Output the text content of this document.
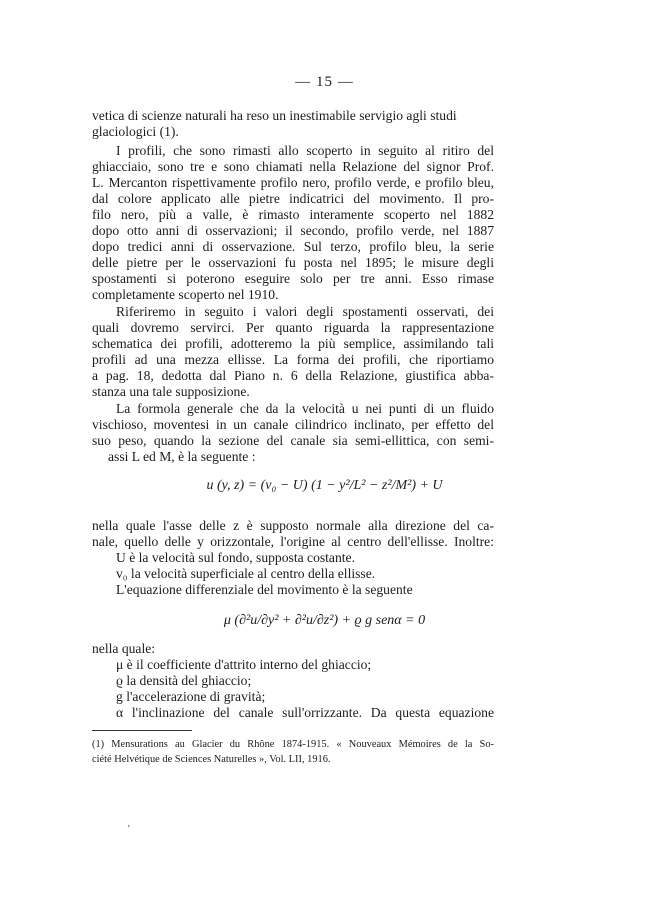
— 15 —
vetica di scienze naturali ha reso un inestimabile servigio agli studi
glaciologici (1).
I profili, che sono rimasti allo scoperto in seguito al ritiro del
ghiacciaio, sono tre e sono chiamati nella Relazione del signor Prof.
L. Mercanton rispettivamente profilo nero, profilo verde, e profilo bleu,
dal colore applicato alle pietre indicatrici del movimento. Il pro-
filo nero, più a valle, è rimasto interamente scoperto nel 1882
dopo otto anni di osservazioni; il secondo, profilo verde, nel 1887
dopo tredici anni di osservazione. Sul terzo, profilo bleu, la serie
delle pietre per le osservazioni fu posta nel 1895; le misure degli
spostamenti si poterono eseguire solo per tre anni. Esso rimase
completamente scoperto nel 1910.
Riferiremo in seguito i valori degli spostamenti osservati, dei
quali dovremo servirci. Per quanto riguarda la rappresentazione
schematica dei profili, adotteremo la più semplice, assimilando tali
profili ad una mezza ellisse. La forma dei profili, che riportiamo
a pag. 18, dedotta dal Piano n. 6 della Relazione, giustifica abba-
stanza una tale supposizione.
La formola generale che da la velocità u nei punti di un fluido
vischioso, moventesi in un canale cilindrico inclinato, per effetto del
suo peso, quando la sezione del canale sia semi-ellittica, con semi-
assi L ed M, è la seguente :
u (y, z) = (v₀ − U) (1 − y²/L² − z²/M²) + U
nella quale l'asse delle z è supposto normale alla direzione del ca-
nale, quello delle y orizzontale, l'origine al centro dell'ellisse. Inoltre:
U è la velocità sul fondo, supposta costante.
v₀ la velocità superficiale al centro della ellisse.
L'equazione differenziale del movimento è la seguente
μ (∂²u/∂y² + ∂²u/∂z²) + ϱ g senα = 0
nella quale:
μ è il coefficiente d'attrito interno del ghiaccio;
ϱ la densità del ghiaccio;
g l'accelerazione di gravità;
α l'inclinazione del canale sull'orrizzante. Da questa equazione
(1) Mensurations au Glacier du Rhône 1874-1915. « Nouveaux Mémoires de la So-
ciété Helvétique de Sciences Naturelles », Vol. LII, 1916.
‚
